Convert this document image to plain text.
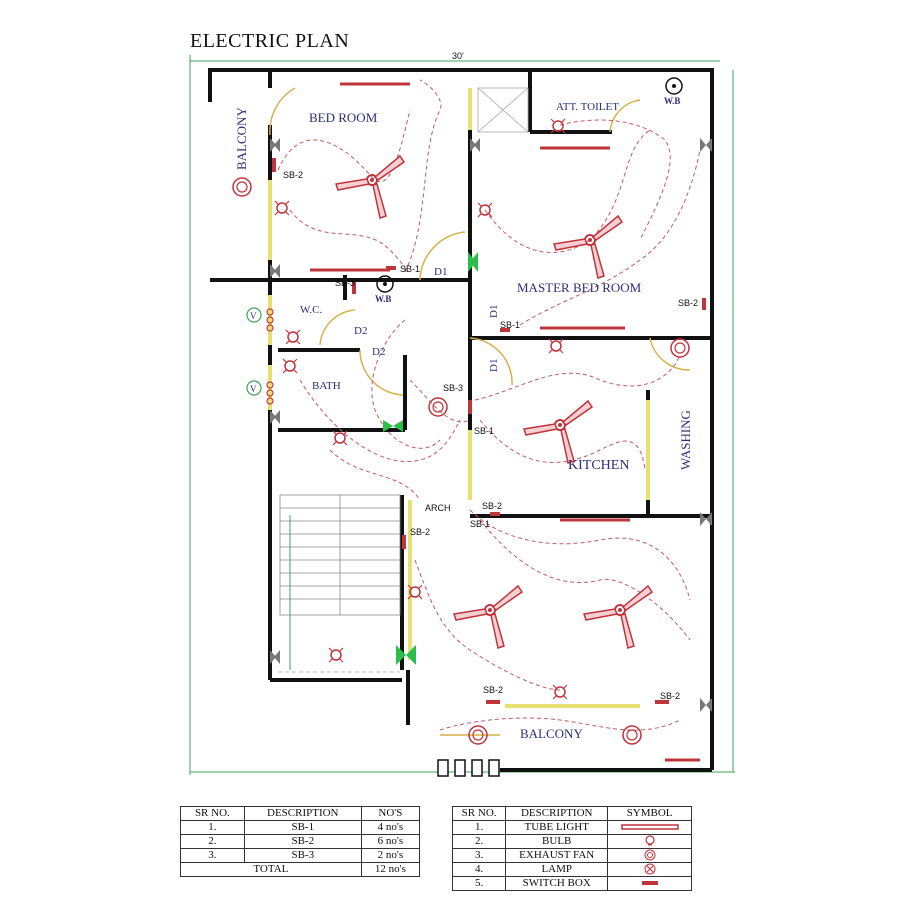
ELECTRIC PLAN
30'
BED ROOM
BALCONY
ATT. TOILET	W.B
MASTER BED ROOM
W.C.
W.B
BATH
KITCHEN	WASHING
ARCH
BALCONY
D1
D1
D1
D2
D2
V
V
SB-2
SB-1
SB-3
SB-2
SB-1
SB-3
SB-1
SB-2
SB-1
SB-2
SB-2
SB-2
SR NO.	DESCRIPTION	NO'S
1.	SB-1	4 no's
2.	SB-2	6 no's
3.	SB-3	2 no's
TOTAL		12 no's
SR NO.	DESCRIPTION	SYMBOL
1.	TUBE LIGHT	
2.	BULB	
3.	EXHAUST FAN	
4.	LAMP	
5.	SWITCH BOX	
